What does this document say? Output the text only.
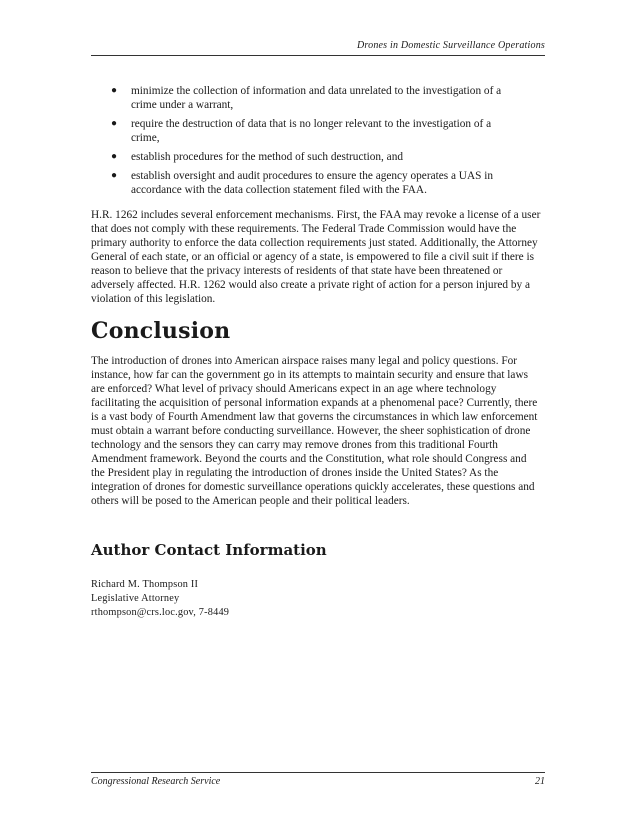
Drones in Domestic Surveillance Operations
● minimize the collection of information and data unrelated to the investigation of a crime under a warrant,
● require the destruction of data that is no longer relevant to the investigation of a crime,
● establish procedures for the method of such destruction, and
● establish oversight and audit procedures to ensure the agency operates a UAS in accordance with the data collection statement filed with the FAA.

H.R. 1262 includes several enforcement mechanisms. First, the FAA may revoke a license of a user that does not comply with these requirements. The Federal Trade Commission would have the primary authority to enforce the data collection requirements just stated. Additionally, the Attorney General of each state, or an official or agency of a state, is empowered to file a civil suit if there is reason to believe that the privacy interests of residents of that state have been threatened or adversely affected. H.R. 1262 would also create a private right of action for a person injured by a violation of this legislation.

Conclusion

The introduction of drones into American airspace raises many legal and policy questions. For instance, how far can the government go in its attempts to maintain security and ensure that laws are enforced? What level of privacy should Americans expect in an age where technology facilitating the acquisition of personal information expands at a phenomenal pace? Currently, there is a vast body of Fourth Amendment law that governs the circumstances in which law enforcement must obtain a warrant before conducting surveillance. However, the sheer sophistication of drone technology and the sensors they can carry may remove drones from this traditional Fourth Amendment framework. Beyond the courts and the Constitution, what role should Congress and the President play in regulating the introduction of drones inside the United States? As the integration of drones for domestic surveillance operations quickly accelerates, these questions and others will be posed to the American people and their political leaders.

Author Contact Information
Richard M. Thompson II
Legislative Attorney
rthompson@crs.loc.gov, 7-8449
Congressional Research Service	21
